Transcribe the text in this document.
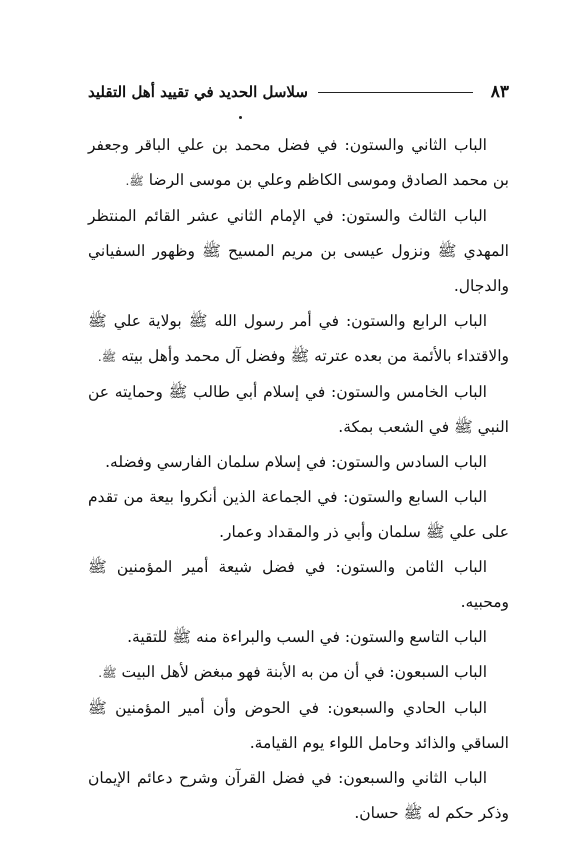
٨٣
سلاسل الحديد في تقييد أهل التقليد

الباب الثاني والستون: في فضل محمد بن علي الباقر وجعفر بن محمد الصادق وموسى الكاظم وعلي بن موسى الرضا ﷺ.

الباب الثالث والستون: في الإمام الثاني عشر القائم المنتظر المهدي ﷺ ونزول عيسى بن مريم المسيح ﷺ وظهور السفياني والدجال.

الباب الرابع والستون: في أمر رسول الله ﷺ بولاية علي ﷺ والاقتداء بالأئمة من بعده عترته ﷺ وفضل آل محمد وأهل بيته ﷺ.

الباب الخامس والستون: في إسلام أبي طالب ﷺ وحمايته عن النبي ﷺ في الشعب بمكة.

الباب السادس والستون: في إسلام سلمان الفارسي وفضله.

الباب السابع والستون: في الجماعة الذين أنكروا بيعة من تقدم على علي ﷺ سلمان وأبي ذر والمقداد وعمار.

الباب الثامن والستون: في فضل شيعة أمير المؤمنين ﷺ ومحبيه.

الباب التاسع والستون: في السب والبراءة منه ﷺ للتقية.

الباب السبعون: في أن من به الأبنة فهو مبغض لأهل البيت ﷺ.

الباب الحادي والسبعون: في الحوض وأن أمير المؤمنين ﷺ الساقي والذائد وحامل اللواء يوم القيامة.

الباب الثاني والسبعون: في فضل القرآن وشرح دعائم الإيمان وذكر حكم له ﷺ حسان.
